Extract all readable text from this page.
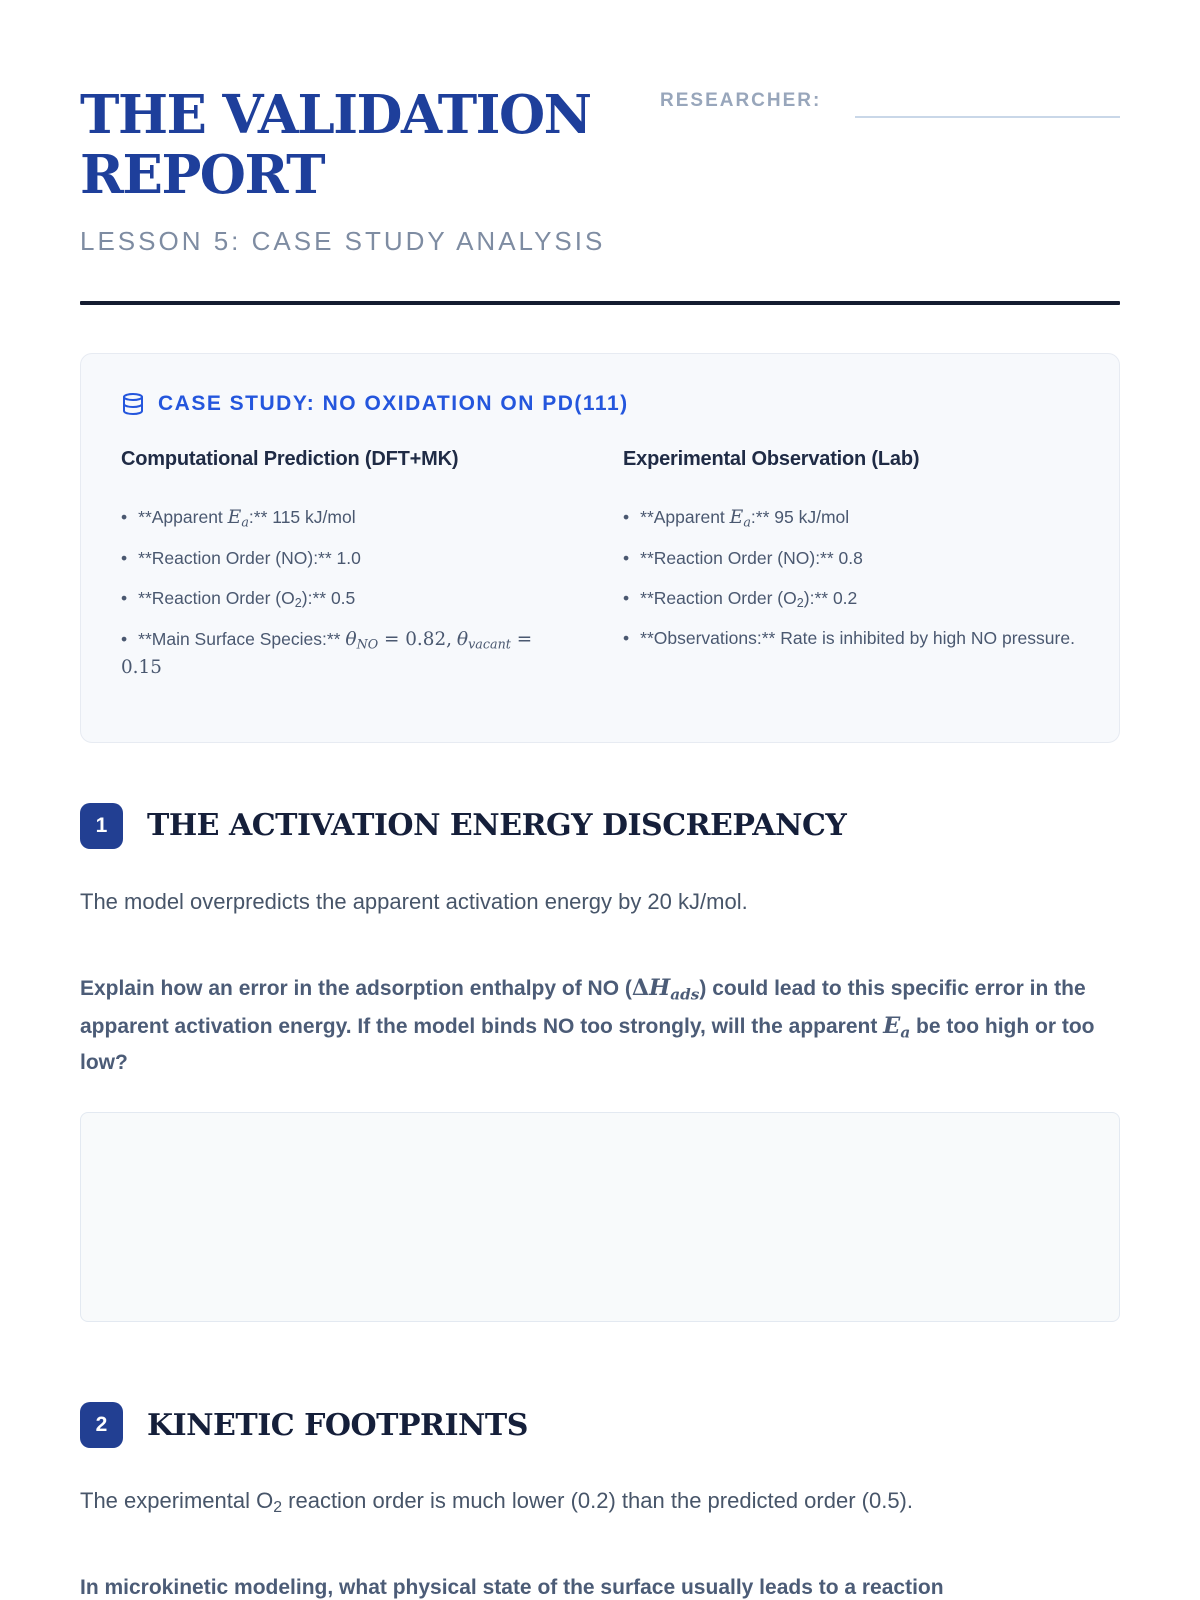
THE VALIDATION REPORT
RESEARCHER:
LESSON 5: CASE STUDY ANALYSIS
CASE STUDY: NO OXIDATION ON PD(111)
Computational Prediction (DFT+MK)
• **Apparent $E_a:**$ 115 kJ/mol
• **Reaction Order (NO):** 1.0
• **Reaction Order $(O_2):**$ 0.5
• **Main Surface Species:** $\theta_{NO} = 0.82$, $\theta_{vacant} = 0.15$
Experimental Observation (Lab)
• **Apparent $E_a:**$ 95 kJ/mol
• **Reaction Order (NO):** 0.8
• **Reaction Order $(O_2):**$ 0.2
• **Observations:** Rate is inhibited by high NO pressure.
1	THE ACTIVATION ENERGY DISCREPANCY

The model overpredicts the apparent activation energy by 20 kJ/mol.

Explain how an error in the adsorption enthalpy of NO $(\Delta H_{ads})$ could lead to this specific error in the apparent activation energy. If the model binds NO too strongly, will the apparent $E_a$ be too high or too low?

2	KINETIC FOOTPRINTS

The experimental $O_2$ reaction order is much lower (0.2) than the predicted order (0.5).

In microkinetic modeling, what physical state of the surface usually leads to a reaction
